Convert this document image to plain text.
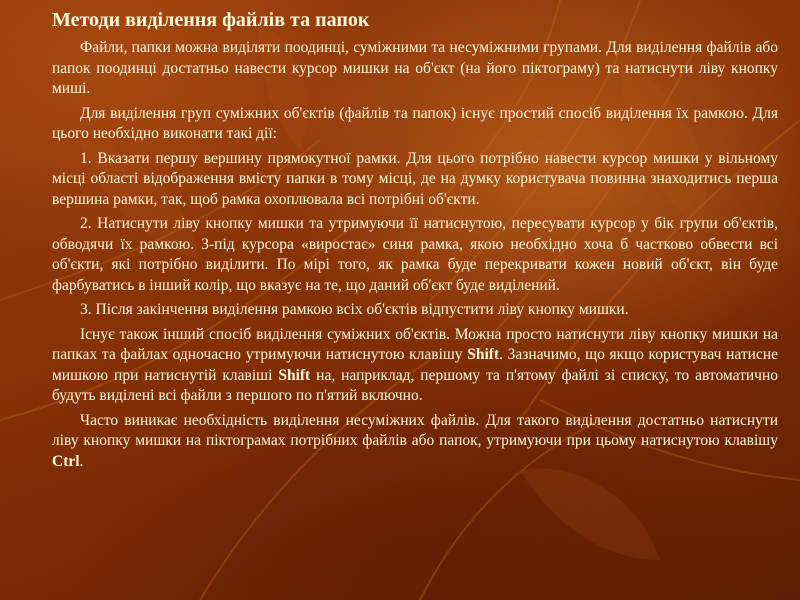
Методи виділення файлів та папок

Файли, папки можна виділяти поодинці, суміжними та несуміжними групами. Для виділення файлів або папок поодинці достатньо навести курсор мишки на об'єкт (на його піктограму) та натиснути ліву кнопку миші.

Для виділення груп суміжних об'єктів (файлів та папок) існує простий спосіб виділення їх рамкою. Для цього необхідно виконати такі дії:

1. Вказати першу вершину прямокутної рамки. Для цього потрібно навести курсор мишки у вільному місці області відображення вмісту папки в тому місці, де на думку користувача повинна знаходитись перша вершина рамки, так, щоб рамка охоплювала всі потрібні об'єкти.

2. Натиснути ліву кнопку мишки та утримуючи її натиснутою, пересувати курсор у бік групи об'єктів, обводячи їх рамкою. З-під курсора «виростає» синя рамка, якою необхідно хоча б частково обвести всі об'єкти, які потрібно виділити. По мірі того, як рамка буде перекривати кожен новий об'єкт, він буде фарбуватись в інший колір, що вказує на те, що даний об'єкт буде виділений.

3. Після закінчення виділення рамкою всіх об'єктів відпустити ліву кнопку мишки.

Існує також інший спосіб виділення суміжних об'єктів. Можна просто натиснути ліву кнопку мишки на папках та файлах одночасно утримуючи натиснутою клавішу Shift. Зазначимо, що якщо користувач натисне мишкою при натиснутій клавіші Shift на, наприклад, першому та п'ятому файлі зі списку, то автоматично будуть виділені всі файли з першого по п'ятий включно.

Часто виникає необхідність виділення несуміжних файлів. Для такого виділення достатньо натиснути ліву кнопку мишки на піктограмах потрібних файлів або папок, утримуючи при цьому натиснутою клавішу Ctrl.
